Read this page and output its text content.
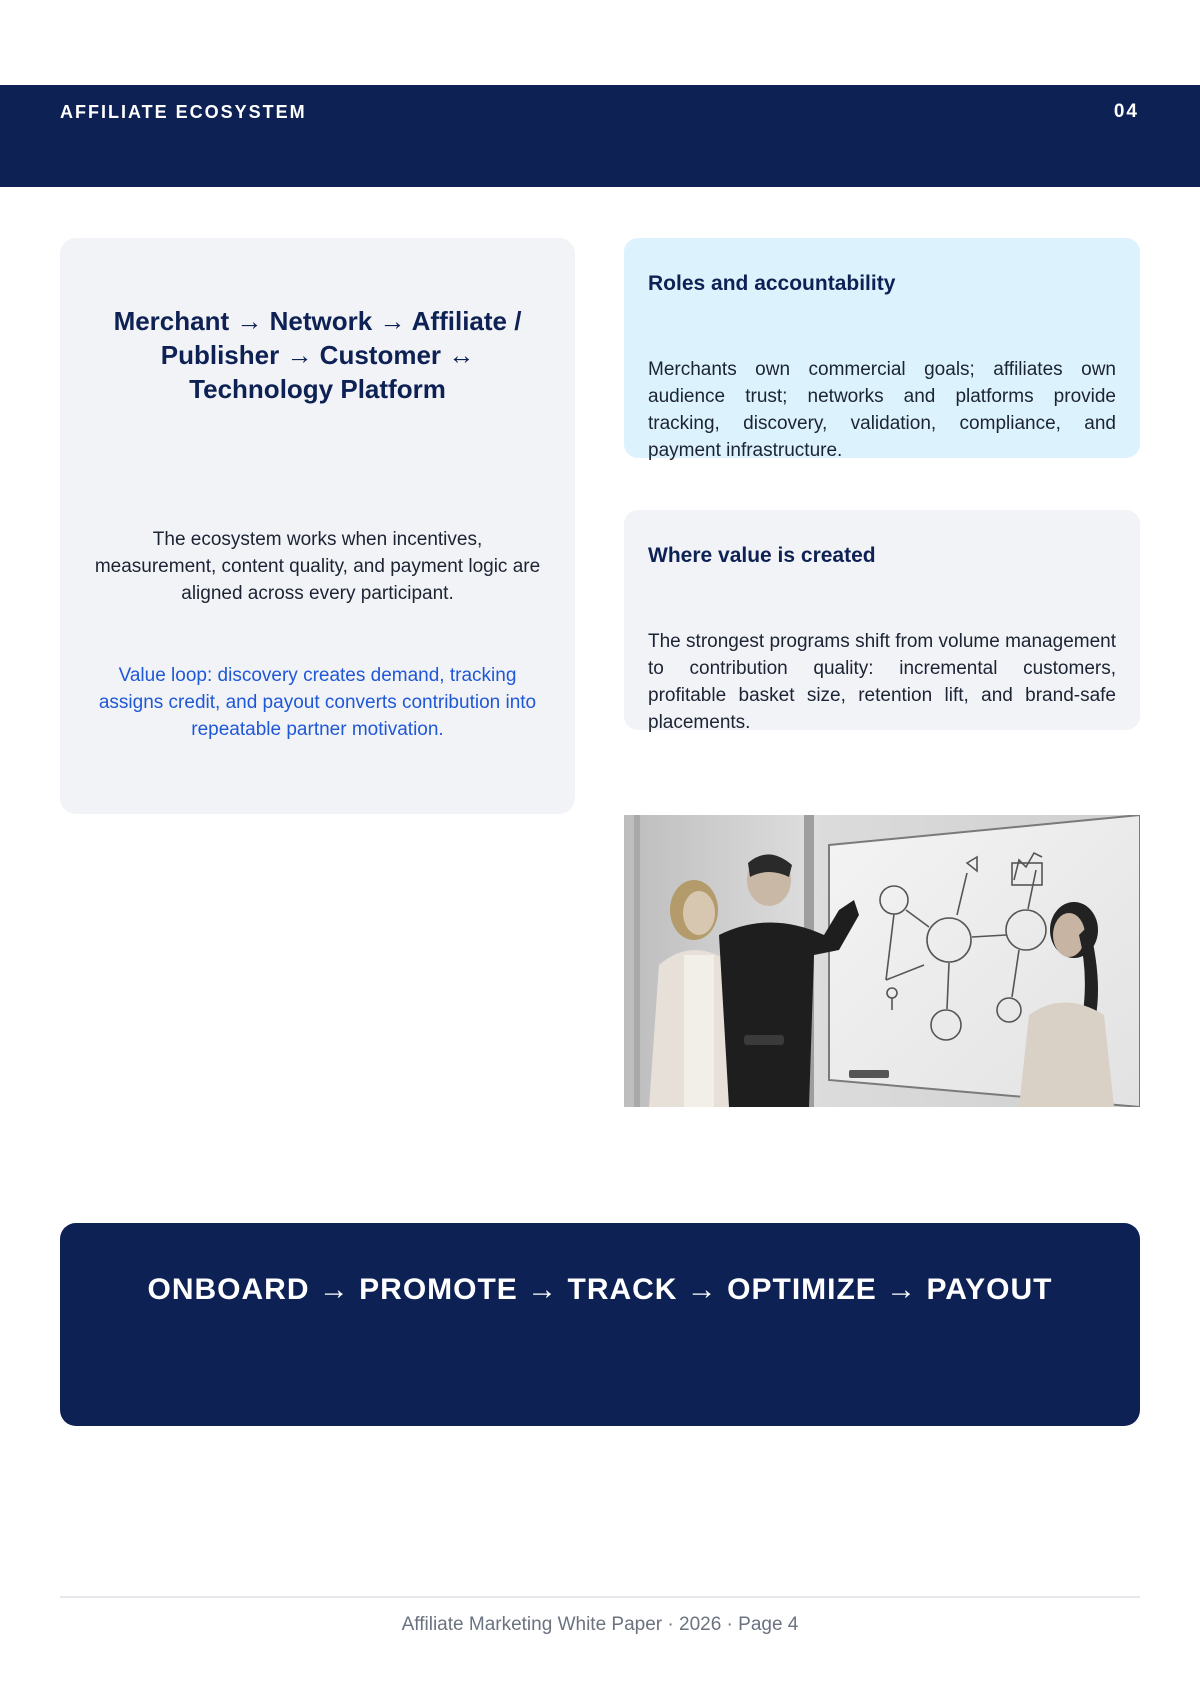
AFFILIATE ECOSYSTEM	04
Merchant → Network → Affiliate / Publisher → Customer ↔ Technology Platform
The ecosystem works when incentives, measurement, content quality, and payment logic are aligned across every participant.
Value loop: discovery creates demand, tracking assigns credit, and payout converts contribution into repeatable partner motivation.
Roles and accountability
Merchants own commercial goals; affiliates own audience trust; networks and platforms provide tracking, discovery, validation, compliance, and payment infrastructure.
Where value is created
The strongest programs shift from volume management to contribution quality: incremental customers, profitable basket size, retention lift, and brand-safe placements.
ONBOARD → PROMOTE → TRACK → OPTIMIZE → PAYOUT
Affiliate Marketing White Paper · 2026 · Page 4
